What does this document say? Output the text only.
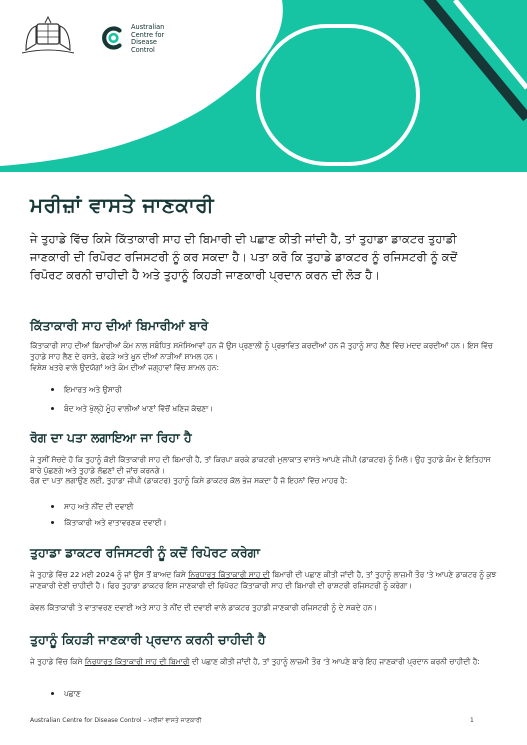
Australian
Centre for
Disease
Control
ਮਰੀਜ਼ਾਂ ਵਾਸਤੇ ਜਾਣਕਾਰੀ

ਜੇ ਤੁਹਾਡੇ ਵਿੱਚ ਕਿਸੇ ਕਿੱਤਾਕਾਰੀ ਸਾਹ ਦੀ ਬਿਮਾਰੀ ਦੀ ਪਛਾਣ ਕੀਤੀ ਜਾਂਦੀ ਹੈ, ਤਾਂ ਤੁਹਾਡਾ ਡਾਕਟਰ ਤੁਹਾਡੀ ਜਾਣਕਾਰੀ ਦੀ ਰਿਪੋਰਟ ਰਜਿਸਟਰੀ ਨੂੰ ਕਰ ਸਕਦਾ ਹੈ। ਪਤਾ ਕਰੋ ਕਿ ਤੁਹਾਡੇ ਡਾਕਟਰ ਨੂੰ ਰਜਿਸਟਰੀ ਨੂੰ ਕਦੋਂ ਰਿਪੋਰਟ ਕਰਨੀ ਚਾਹੀਦੀ ਹੈ ਅਤੇ ਤੁਹਾਨੂੰ ਕਿਹੜੀ ਜਾਣਕਾਰੀ ਪ੍ਰਦਾਨ ਕਰਨ ਦੀ ਲੋੜ ਹੈ।

ਕਿੱਤਾਕਾਰੀ ਸਾਹ ਦੀਆਂ ਬਿਮਾਰੀਆਂ ਬਾਰੇ

ਕਿੱਤਾਕਾਰੀ ਸਾਹ ਦੀਆਂ ਬਿਮਾਰੀਆਂ ਕੰਮ ਨਾਲ ਸਬੰਧਿਤ ਸਮੱਸਿਆਵਾਂ ਹਨ ਜੋ ਉਸ ਪ੍ਰਣਾਲੀ ਨੂੰ ਪ੍ਰਭਾਵਿਤ ਕਰਦੀਆਂ ਹਨ ਜੋ ਤੁਹਾਨੂੰ ਸਾਹ ਲੈਣ ਵਿੱਚ ਮਦਦ ਕਰਦੀਆਂ ਹਨ। ਇਸ ਵਿੱਚ ਤੁਹਾਡੇ ਸਾਹ ਲੈਣ ਦੇ ਰਸਤੇ, ਫੇਫੜੇ ਅਤੇ ਖ਼ੂਨ ਦੀਆਂ ਨਾੜੀਆਂ ਸ਼ਾਮਲ ਹਨ।

ਵਿਸ਼ੇਸ਼ ਖ਼ਤਰੇ ਵਾਲੇ ਉਦਯੋਗਾਂ ਅਤੇ ਕੰਮ ਦੀਆਂ ਜਗ੍ਹਾਵਾਂ ਵਿੱਚ ਸ਼ਾਮਲ ਹਨ:

ਇਮਾਰਤ ਅਤੇ ਉਸਾਰੀ
ਬੰਦ ਅਤੇ ਖੁੱਲ੍ਹੇ ਮੂੰਹ ਵਾਲੀਆਂ ਖਾਣਾਂ ਵਿੱਚੋਂ ਖਣਿਜ ਕੱਢਣਾ।
ਰੋਗ ਦਾ ਪਤਾ ਲਗਾਇਆ ਜਾ ਰਿਹਾ ਹੈ

ਜੇ ਤੁਸੀਂ ਸੋਚਦੇ ਹੋ ਕਿ ਤੁਹਾਨੂੰ ਕੋਈ ਕਿੱਤਾਕਾਰੀ ਸਾਹ ਦੀ ਬਿਮਾਰੀ ਹੈ, ਤਾਂ ਕਿਰਪਾ ਕਰਕੇ ਡਾਕਟਰੀ ਮੁਲਾਕਾਤ ਵਾਸਤੇ ਆਪਣੇ ਜੀਪੀ (ਡਾਕਟਰ) ਨੂੰ ਮਿਲੋ। ਉਹ ਤੁਹਾਡੇ ਕੰਮ ਦੇ ਇਤਿਹਾਸ ਬਾਰੇ ਪੁੱਛਣਗੇ ਅਤੇ ਤੁਹਾਡੇ ਲੱਛਣਾਂ ਦੀ ਜਾਂਚ ਕਰਨਗੇ।

ਰੋਗ ਦਾ ਪਤਾ ਲਗਾਉਣ ਲਈ, ਤੁਹਾਡਾ ਜੀਪੀ (ਡਾਕਟਰ) ਤੁਹਾਨੂੰ ਕਿਸੇ ਡਾਕਟਰ ਕੋਲ ਭੇਜ ਸਕਦਾ ਹੈ ਜੋ ਇਹਨਾਂ ਵਿੱਚ ਮਾਹਰ ਹੈ:

ਸਾਹ ਅਤੇ ਨੀਂਦ ਦੀ ਦਵਾਈ
ਕਿੱਤਾਕਾਰੀ ਅਤੇ ਵਾਤਾਵਰਣਕ ਦਵਾਈ।
ਤੁਹਾਡਾ ਡਾਕਟਰ ਰਜਿਸਟਰੀ ਨੂੰ ਕਦੋਂ ਰਿਪੋਰਟ ਕਰੇਗਾ

ਜੇ ਤੁਹਾਡੇ ਵਿੱਚ 22 ਮਈ 2024 ਨੂੰ ਜਾਂ ਉਸ ਤੋਂ ਬਾਅਦ ਕਿਸੇ ਨਿਰਧਾਰਤ ਕਿੱਤਾਕਾਰੀ ਸਾਹ ਦੀ ਬਿਮਾਰੀ ਦੀ ਪਛਾਣ ਕੀਤੀ ਜਾਂਦੀ ਹੈ, ਤਾਂ ਤੁਹਾਨੂੰ ਲਾਜ਼ਮੀ ਤੌਰ 'ਤੇ ਆਪਣੇ ਡਾਕਟਰ ਨੂੰ ਕੁਝ ਜਾਣਕਾਰੀ ਦੇਣੀ ਚਾਹੀਦੀ ਹੈ। ਫਿਰ ਤੁਹਾਡਾ ਡਾਕਟਰ ਇਸ ਜਾਣਕਾਰੀ ਦੀ ਰਿਪੋਰਟ ਕਿੱਤਾਕਾਰੀ ਸਾਹ ਦੀ ਬਿਮਾਰੀ ਦੀ ਰਾਸ਼ਟਰੀ ਰਜਿਸਟਰੀ ਨੂੰ ਕਰੇਗਾ।

ਕੇਵਲ ਕਿੱਤਾਕਾਰੀ ਤੇ ਵਾਤਾਵਰਣ ਦਵਾਈ ਅਤੇ ਸਾਹ ਤੇ ਨੀਂਦ ਦੀ ਦਵਾਈ ਵਾਲੇ ਡਾਕਟਰ ਤੁਹਾਡੀ ਜਾਣਕਾਰੀ ਰਜਿਸਟਰੀ ਨੂੰ ਦੇ ਸਕਦੇ ਹਨ।

ਤੁਹਾਨੂੰ ਕਿਹੜੀ ਜਾਣਕਾਰੀ ਪ੍ਰਦਾਨ ਕਰਨੀ ਚਾਹੀਦੀ ਹੈ

ਜੇ ਤੁਹਾਡੇ ਵਿੱਚ ਕਿਸੇ ਨਿਰਧਾਰਤ ਕਿੱਤਾਕਾਰੀ ਸਾਹ ਦੀ ਬਿਮਾਰੀ ਦੀ ਪਛਾਣ ਕੀਤੀ ਜਾਂਦੀ ਹੈ, ਤਾਂ ਤੁਹਾਨੂੰ ਲਾਜ਼ਮੀ ਤੌਰ 'ਤੇ ਆਪਣੇ ਬਾਰੇ ਇਹ ਜਾਣਕਾਰੀ ਪ੍ਰਦਾਨ ਕਰਨੀ ਚਾਹੀਦੀ ਹੈ:

ਪਛਾਣ
Australian Centre for Disease Control – ਮਰੀਜ਼ਾਂ ਵਾਸਤੇ ਜਾਣਕਾਰੀ	1
